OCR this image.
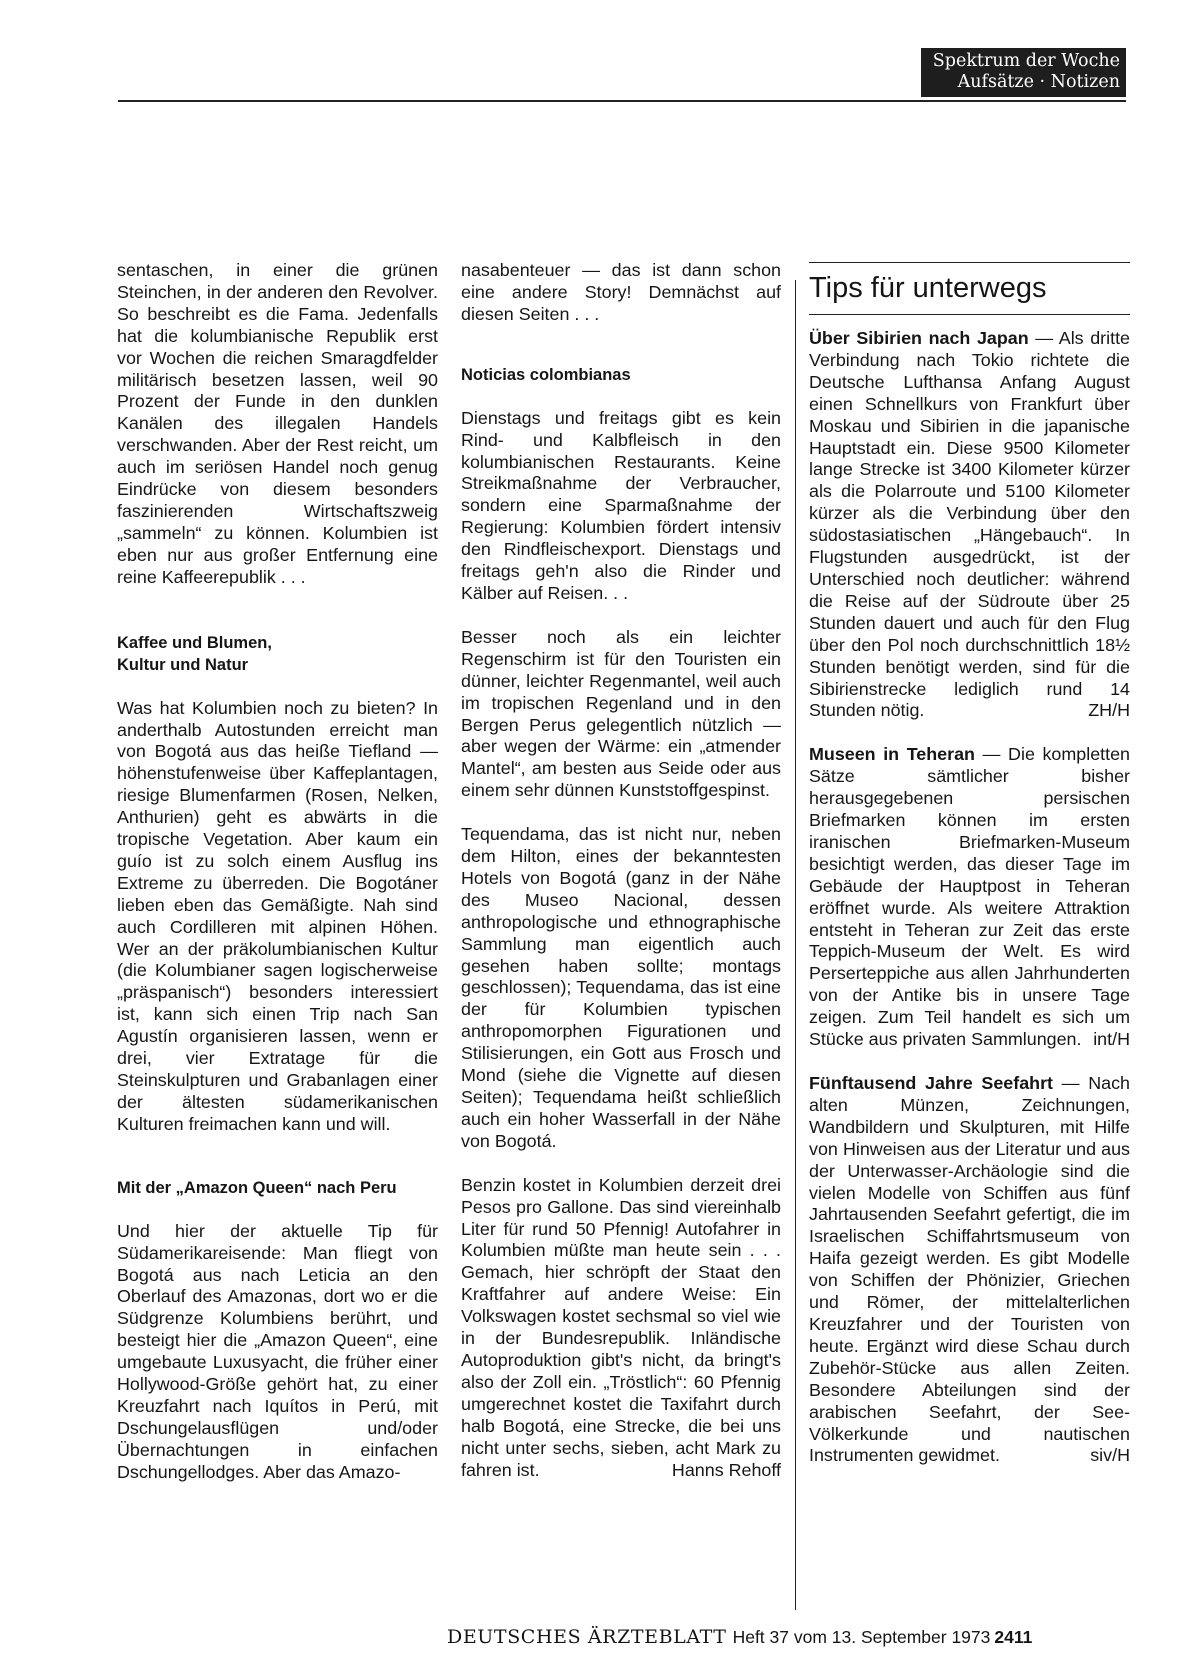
Spektrum der Woche
Aufsätze · Notizen

sentaschen, in einer die grünen Steinchen, in der anderen den Revolver. So beschreibt es die Fama. Jedenfalls hat die kolumbianische Republik erst vor Wochen die reichen Smaragdfelder militärisch besetzen lassen, weil 90 Prozent der Funde in den dunklen Kanälen des illegalen Handels verschwanden. Aber der Rest reicht, um auch im seriösen Handel noch genug Eindrücke von diesem besonders faszinierenden Wirtschaftszweig „sammeln“ zu können. Kolumbien ist eben nur aus großer Entfernung eine reine Kaffeerepublik . . .

Kaffee und Blumen,
Kultur und Natur

Was hat Kolumbien noch zu bieten? In anderthalb Autostunden erreicht man von Bogotá aus das heiße Tiefland — höhenstufenweise über Kaffeplantagen, riesige Blumenfarmen (Rosen, Nelken, Anthurien) geht es abwärts in die tropische Vegetation. Aber kaum ein guío ist zu solch einem Ausflug ins Extreme zu überreden. Die Bogotáner lieben eben das Gemäßigte. Nah sind auch Cordilleren mit alpinen Höhen. Wer an der präkolumbianischen Kultur (die Kolumbianer sagen logischerweise „präspanisch“) besonders interessiert ist, kann sich einen Trip nach San Agustín organisieren lassen, wenn er drei, vier Extratage für die Steinskulpturen und Grabanlagen einer der ältesten südamerikanischen Kulturen freimachen kann und will.

Mit der „Amazon Queen“ nach Peru

Und hier der aktuelle Tip für Südamerikareisende: Man fliegt von Bogotá aus nach Leticia an den Oberlauf des Amazonas, dort wo er die Südgrenze Kolumbiens berührt, und besteigt hier die „Amazon Queen“, eine umgebaute Luxusyacht, die früher einer Hollywood-Größe gehört hat, zu einer Kreuzfahrt nach Iquítos in Perú, mit Dschungelausflügen und/oder Übernachtungen in einfachen Dschungellodges. Aber das Amazo-

nasabenteuer — das ist dann schon eine andere Story! Demnächst auf diesen Seiten . . .

Noticias colombianas

Dienstags und freitags gibt es kein Rind- und Kalbfleisch in den kolumbianischen Restaurants. Keine Streikmaßnahme der Verbraucher, sondern eine Sparmaßnahme der Regierung: Kolumbien fördert intensiv den Rindfleischexport. Dienstags und freitags geh'n also die Rinder und Kälber auf Reisen. . .

Besser noch als ein leichter Regenschirm ist für den Touristen ein dünner, leichter Regenmantel, weil auch im tropischen Regenland und in den Bergen Perus gelegentlich nützlich — aber wegen der Wärme: ein „atmender Mantel“, am besten aus Seide oder aus einem sehr dünnen Kunststoffgespinst.

Tequendama, das ist nicht nur, neben dem Hilton, eines der bekanntesten Hotels von Bogotá (ganz in der Nähe des Museo Nacional, dessen anthropologische und ethnographische Sammlung man eigentlich auch gesehen haben sollte; montags geschlossen); Tequendama, das ist eine der für Kolumbien typischen anthropomorphen Figurationen und Stilisierungen, ein Gott aus Frosch und Mond (siehe die Vignette auf diesen Seiten); Tequendama heißt schließlich auch ein hoher Wasserfall in der Nähe von Bogotá.

Benzin kostet in Kolumbien derzeit drei Pesos pro Gallone. Das sind viereinhalb Liter für rund 50 Pfennig! Autofahrer in Kolumbien müßte man heute sein . . . Gemach, hier schröpft der Staat den Kraftfahrer auf andere Weise: Ein Volkswagen kostet sechsmal so viel wie in der Bundesrepublik. Inländische Autoproduktion gibt's nicht, da bringt's also der Zoll ein. „Tröstlich“: 60 Pfennig umgerechnet kostet die Taxifahrt durch halb Bogotá, eine Strecke, die bei uns nicht unter sechs, sieben, acht Mark zu fahren ist.	Hanns Rehoff

Tips für unterwegs

Über Sibirien nach Japan — Als dritte Verbindung nach Tokio richtete die Deutsche Lufthansa Anfang August einen Schnellkurs von Frankfurt über Moskau und Sibirien in die japanische Hauptstadt ein. Diese 9500 Kilometer lange Strecke ist 3400 Kilometer kürzer als die Polarroute und 5100 Kilometer kürzer als die Verbindung über den südostasiatischen „Hängebauch“. In Flugstunden ausgedrückt, ist der Unterschied noch deutlicher: während die Reise auf der Südroute über 25 Stunden dauert und auch für den Flug über den Pol noch durchschnittlich 18½ Stunden benötigt werden, sind für die Sibirienstrecke lediglich rund 14 Stunden nötig.	ZH/H

Museen in Teheran — Die kompletten Sätze sämtlicher bisher herausgegebenen persischen Briefmarken können im ersten iranischen Briefmarken-Museum besichtigt werden, das dieser Tage im Gebäude der Hauptpost in Teheran eröffnet wurde. Als weitere Attraktion entsteht in Teheran zur Zeit das erste Teppich-Museum der Welt. Es wird Perserteppiche aus allen Jahrhunderten von der Antike bis in unsere Tage zeigen. Zum Teil handelt es sich um Stücke aus privaten Sammlungen. int/H

Fünftausend Jahre Seefahrt — Nach alten Münzen, Zeichnungen, Wandbildern und Skulpturen, mit Hilfe von Hinweisen aus der Literatur und aus der Unterwasser-Archäologie sind die vielen Modelle von Schiffen aus fünf Jahrtausenden Seefahrt gefertigt, die im Israelischen Schiffahrtsmuseum von Haifa gezeigt werden. Es gibt Modelle von Schiffen der Phönizier, Griechen und Römer, der mittelalterlichen Kreuzfahrer und der Touristen von heute. Ergänzt wird diese Schau durch Zubehör-Stücke aus allen Zeiten. Besondere Abteilungen sind der arabischen Seefahrt, der See-Völkerkunde und nautischen Instrumenten gewidmet.	siv/H

DEUTSCHES ÄRZTEBLATT Heft 37 vom 13. September 1973 2411
